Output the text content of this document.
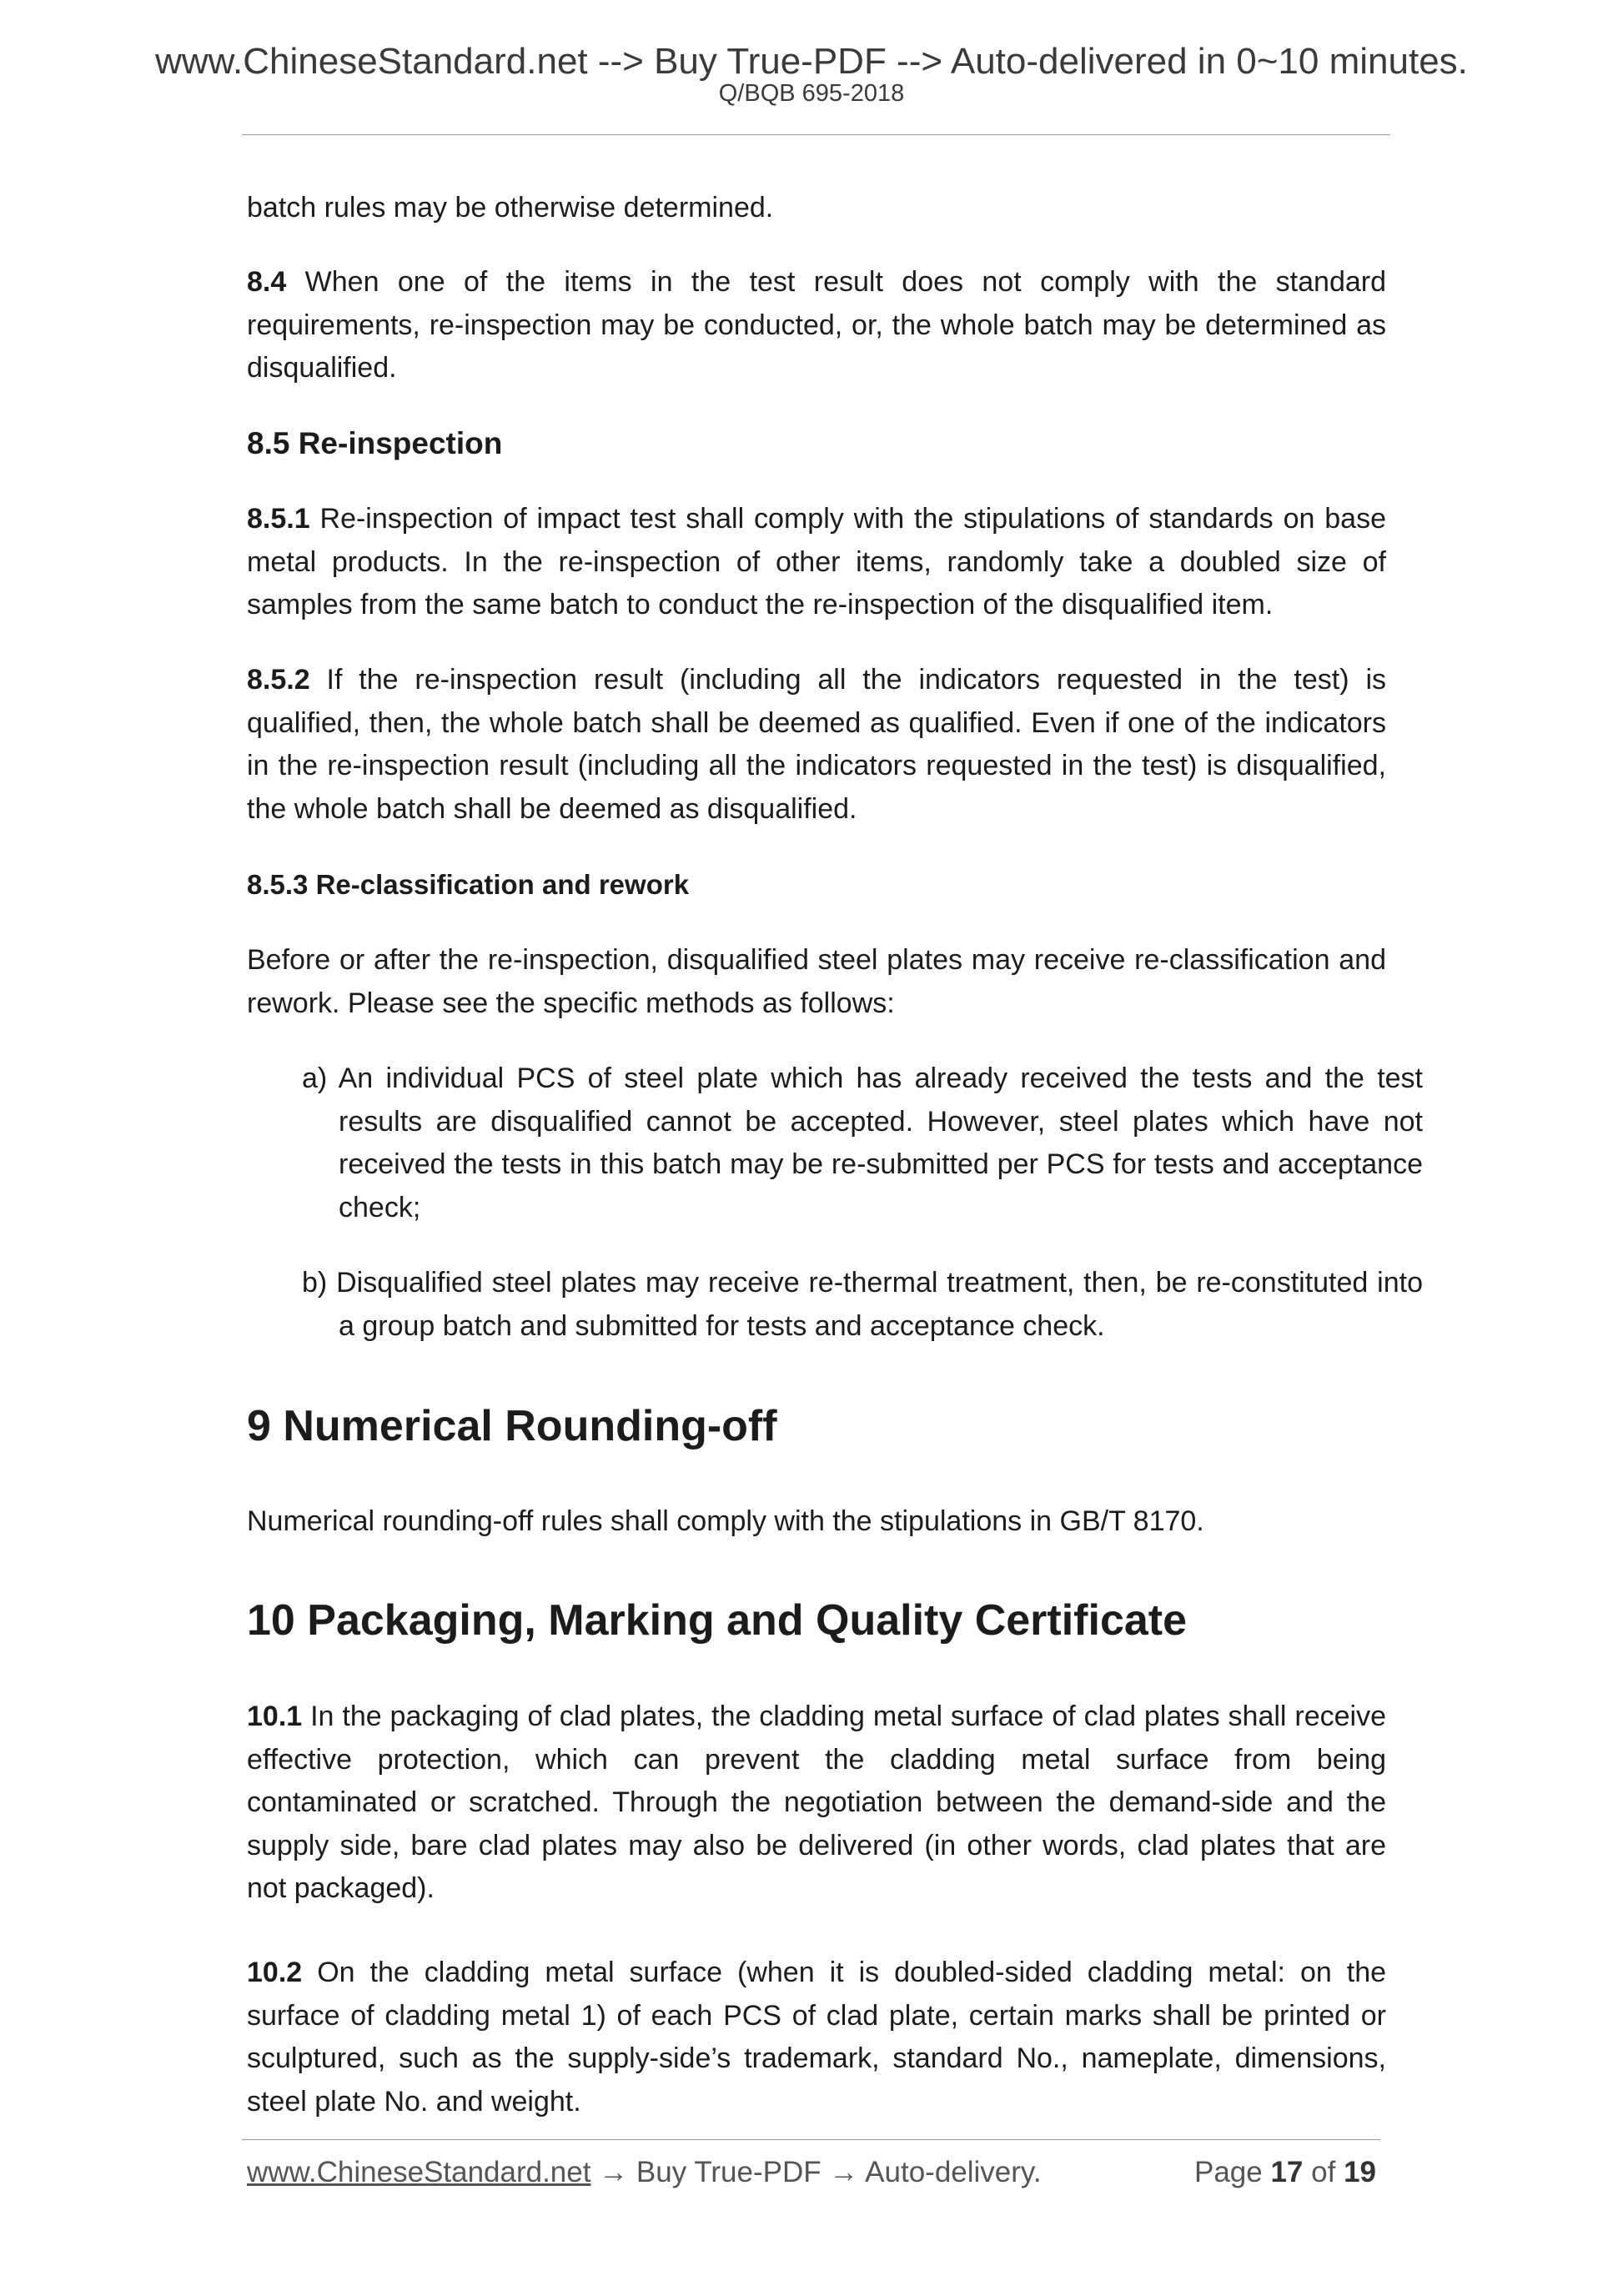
www.ChineseStandard.net --> Buy True-PDF --> Auto-delivered in 0~10 minutes.
Q/BQB 695-2018

batch rules may be otherwise determined.

8.4 When one of the items in the test result does not comply with the standard requirements, re-inspection may be conducted, or, the whole batch may be determined as disqualified.

8.5 Re-inspection

8.5.1 Re-inspection of impact test shall comply with the stipulations of standards on base metal products. In the re-inspection of other items, randomly take a doubled size of samples from the same batch to conduct the re-inspection of the disqualified item.

8.5.2 If the re-inspection result (including all the indicators requested in the test) is qualified, then, the whole batch shall be deemed as qualified. Even if one of the indicators in the re-inspection result (including all the indicators requested in the test) is disqualified, the whole batch shall be deemed as disqualified.

8.5.3 Re-classification and rework

Before or after the re-inspection, disqualified steel plates may receive re-classification and rework. Please see the specific methods as follows:

a) An individual PCS of steel plate which has already received the tests and the test results are disqualified cannot be accepted. However, steel plates which have not received the tests in this batch may be re-submitted per PCS for tests and acceptance check;

b) Disqualified steel plates may receive re-thermal treatment, then, be re-constituted into a group batch and submitted for tests and acceptance check.

9 Numerical Rounding-off

Numerical rounding-off rules shall comply with the stipulations in GB/T 8170.

10 Packaging, Marking and Quality Certificate

10.1 In the packaging of clad plates, the cladding metal surface of clad plates shall receive effective protection, which can prevent the cladding metal surface from being contaminated or scratched. Through the negotiation between the demand-side and the supply side, bare clad plates may also be delivered (in other words, clad plates that are not packaged).

10.2 On the cladding metal surface (when it is doubled-sided cladding metal: on the surface of cladding metal 1) of each PCS of clad plate, certain marks shall be printed or sculptured, such as the supply-side’s trademark, standard No., nameplate, dimensions, steel plate No. and weight.

www.ChineseStandard.net → Buy True-PDF → Auto-delivery.	Page 17 of 19
